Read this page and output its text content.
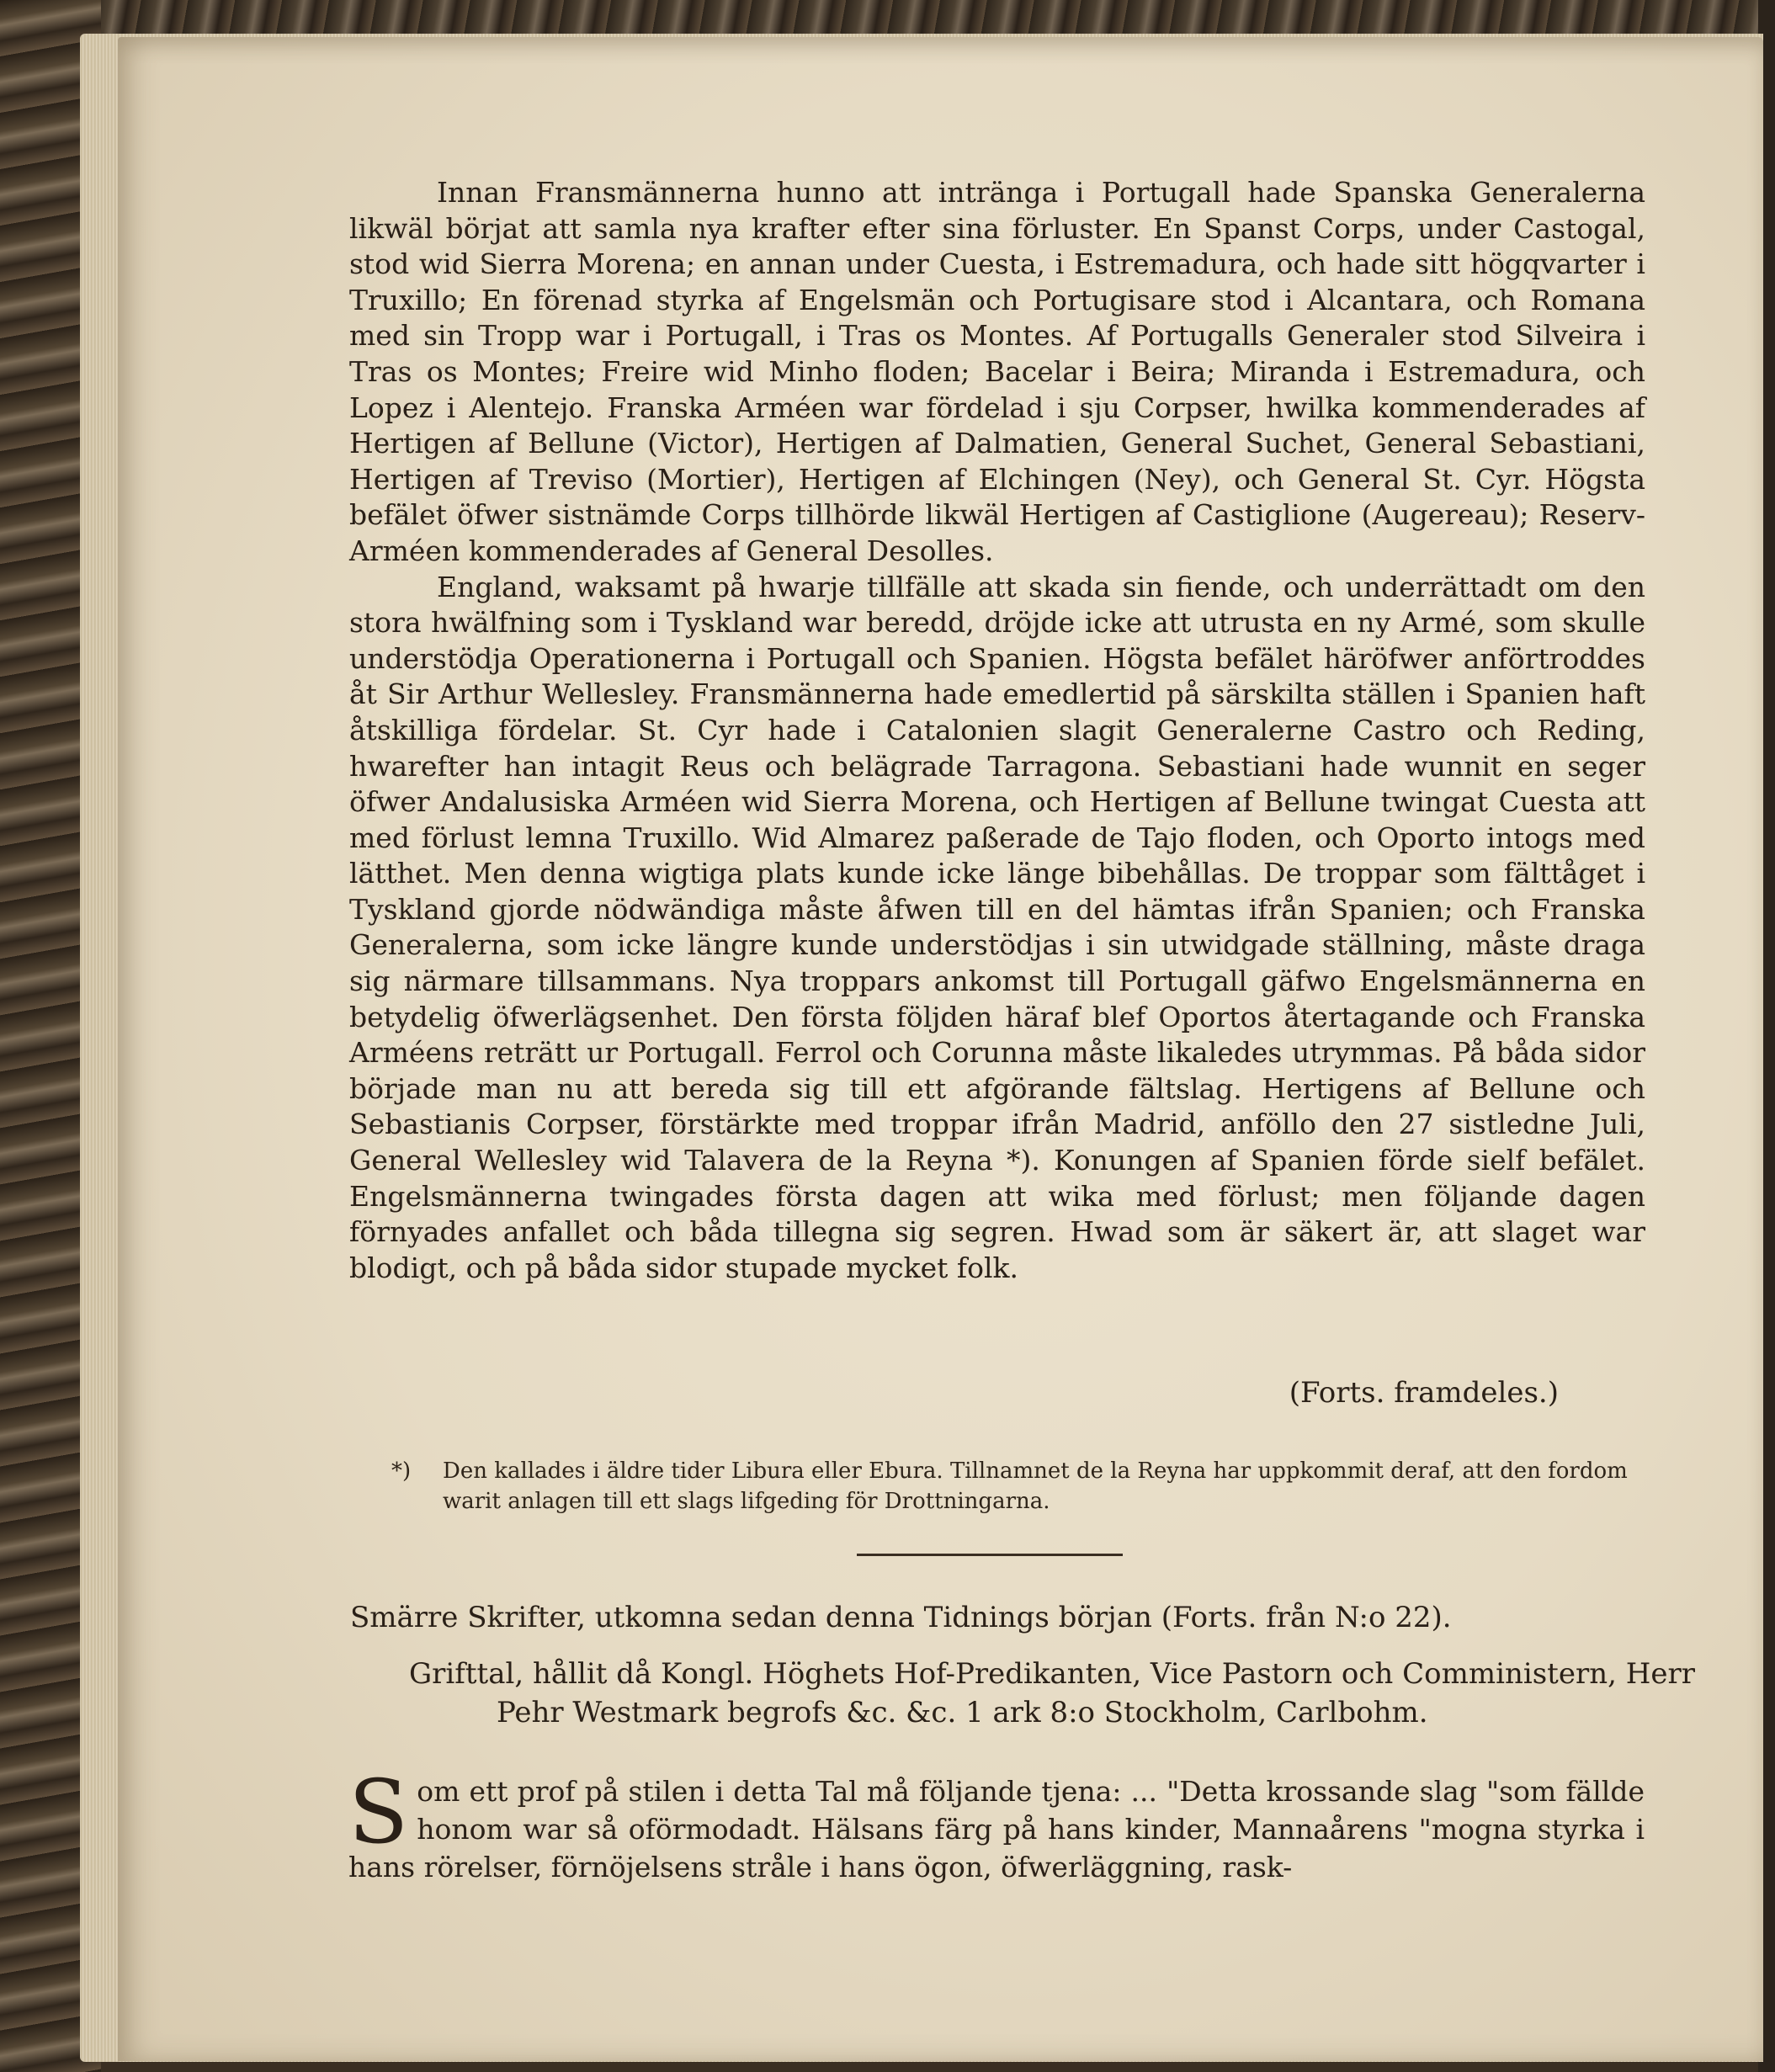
Innan Fransmännerna hunno att intränga i Portugall hade Spanska Generalerna likwäl börjat att samla nya krafter efter sina förluster. En Spanst Corps, under Castogal, stod wid Sierra Morena; en annan under Cuesta, i Estremadura, och hade sitt högqvarter i Truxillo; En förenad styrka af Engelsmän och Portugisare stod i Alcantara, och Romana med sin Tropp war i Portugall, i Tras os Montes. Af Portugalls Generaler stod Silveira i Tras os Montes; Freire wid Minho floden; Bacelar i Beira; Miranda i Estremadura, och Lopez i Alentejo. Franska Arméen war fördelad i sju Corpser, hwilka kommenderades af Hertigen af Bellune (Victor), Hertigen af Dalmatien, General Suchet, General Sebastiani, Hertigen af Treviso (Mortier), Hertigen af Elchingen (Ney), och General St. Cyr. Högsta befälet öfwer sistnämde Corps tillhörde likwäl Hertigen af Castiglione (Augereau); Reserv-Arméen kommenderades af General Desolles.

England, waksamt på hwarje tillfälle att skada sin fiende, och underrättadt om den stora hwälfning som i Tyskland war beredd, dröjde icke att utrusta en ny Armé, som skulle understödja Operationerna i Portugall och Spanien. Högsta befälet häröfwer anförtroddes åt Sir Arthur Wellesley. Fransmännerna hade emedlertid på särskilta ställen i Spanien haft åtskilliga fördelar. St. Cyr hade i Catalonien slagit Generalerne Castro och Reding, hwarefter han intagit Reus och belägrade Tarragona. Sebastiani hade wunnit en seger öfwer Andalusiska Arméen wid Sierra Morena, och Hertigen af Bellune twingat Cuesta att med förlust lemna Truxillo. Wid Almarez paßerade de Tajo floden, och Oporto intogs med lätthet. Men denna wigtiga plats kunde icke länge bibehållas. De troppar som fälttåget i Tyskland gjorde nödwändiga måste åfwen till en del hämtas ifrån Spanien; och Franska Generalerna, som icke längre kunde understödjas i sin utwidgade ställning, måste draga sig närmare tillsammans. Nya troppars ankomst till Portugall gäfwo Engelsmännerna en betydelig öfwerlägsenhet. Den första följden häraf blef Oportos återtagande och Franska Arméens reträtt ur Portugall. Ferrol och Corunna måste likaledes utrymmas. På båda sidor började man nu att bereda sig till ett afgörande fältslag. Hertigens af Bellune och Sebastianis Corpser, förstärkte med troppar ifrån Madrid, anföllo den 27 sistledne Juli, General Wellesley wid Talavera de la Reyna *). Konungen af Spanien förde sielf befälet. Engelsmännerna twingades första dagen att wika med förlust; men följande dagen förnyades anfallet och båda tillegna sig segren. Hwad som är säkert är, att slaget war blodigt, och på båda sidor stupade mycket folk.

(Forts. framdeles.)
*)	Den kallades i äldre tider Libura eller Ebura. Tillnamnet de la Reyna har uppkommit deraf, att den fordom warit anlagen till ett slags lifgeding för Drottningarna.
Smärre Skrifter, utkomna sedan denna Tidnings början (Forts. från N:o 22).
Grifttal, hållit då Kongl. Höghets Hof-Predikanten, Vice Pastorn och Comministern, Herr Pehr Westmark begrofs &c. &c. 1 ark 8:o Stockholm, Carlbohm.
S om ett prof på stilen i detta Tal må följande tjena: ... "Detta krossande slag "som fällde honom war så oförmodadt. Hälsans färg på hans kinder, Mannaårens "mogna styrka i hans rörelser, förnöjelsens stråle i hans ögon, öfwerläggning, rask-
